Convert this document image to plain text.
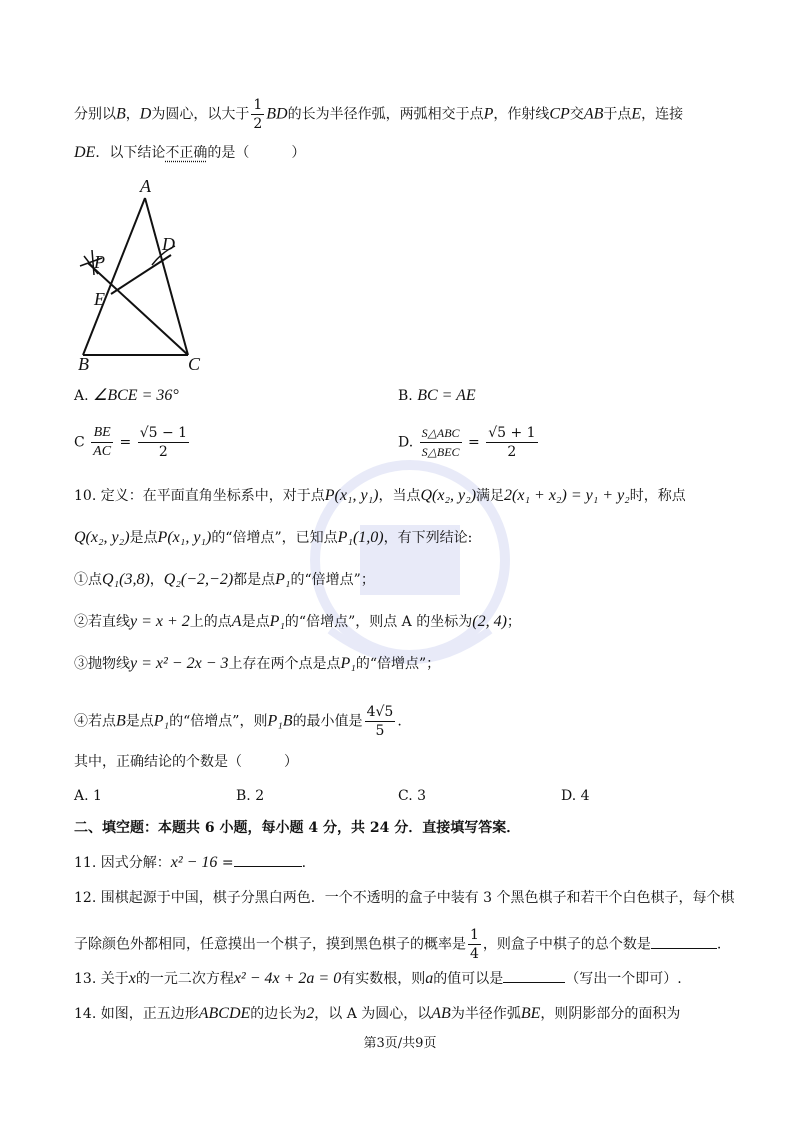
分别以B，D为圆心，以大于 $\frac{1}{2}$ BD的长为半径作弧，两弧相交于点P，作射线CP交AB于点E，连接
DE．以下结论不正确的是（　　　）
A
D
P
E
B	C
A. ∠BCE = 36°	B. BC = AE
C $\frac{BE}{AC} = \frac{√5 - 1}{2}$	D. $\frac{\text{S△ABC}}{\text{S△BEC}} = \frac{√5 + 1}{2}$
10. 定义：在平面直角坐标系中，对于点P(x₁, y₁)，当点Q(x₂, y₂)满足2(x₁ + x₂) = y₁ + y₂时，称点
Q(x₂, y₂)是点P(x₁, y₁)的“倍增点”，已知点P₁(1,0)，有下列结论:
①点Q₁(3,8)，Q₂(−2,−2)都是点P₁的“倍增点”；
②若直线y = x + 2上的点A是点P₁的“倍增点”，则点 A 的坐标为(2, 4)；
③抛物线y = x² − 2x − 3上存在两个点是点P₁的“倍增点”；
④若点B是点P₁的“倍增点”，则P₁B的最小值是 $\frac{4√5}{5}$ .
其中，正确结论的个数是（　　　）
A. 1	B. 2	C. 3	D. 4
二、填空题：本题共 6 小题，每小题 4 分，共 24 分．直接填写答案．
11. 因式分解：x² − 16 =	.
12. 围棋起源于中国，棋子分黑白两色．一个不透明的盒子中装有 3 个黑色棋子和若干个白色棋子，每个棋
子除颜色外都相同，任意摸出一个棋子，摸到黑色棋子的概率是 $\frac{1}{4}$ ，则盒子中棋子的总个数是	.
13. 关于x的一元二次方程x² − 4x + 2a = 0有实数根，则a的值可以是	（写出一个即可）.
14. 如图，正五边形ABCDE的边长为2，以 A 为圆心，以AB为半径作弧BE，则阴影部分的面积为
第3页/共9页
